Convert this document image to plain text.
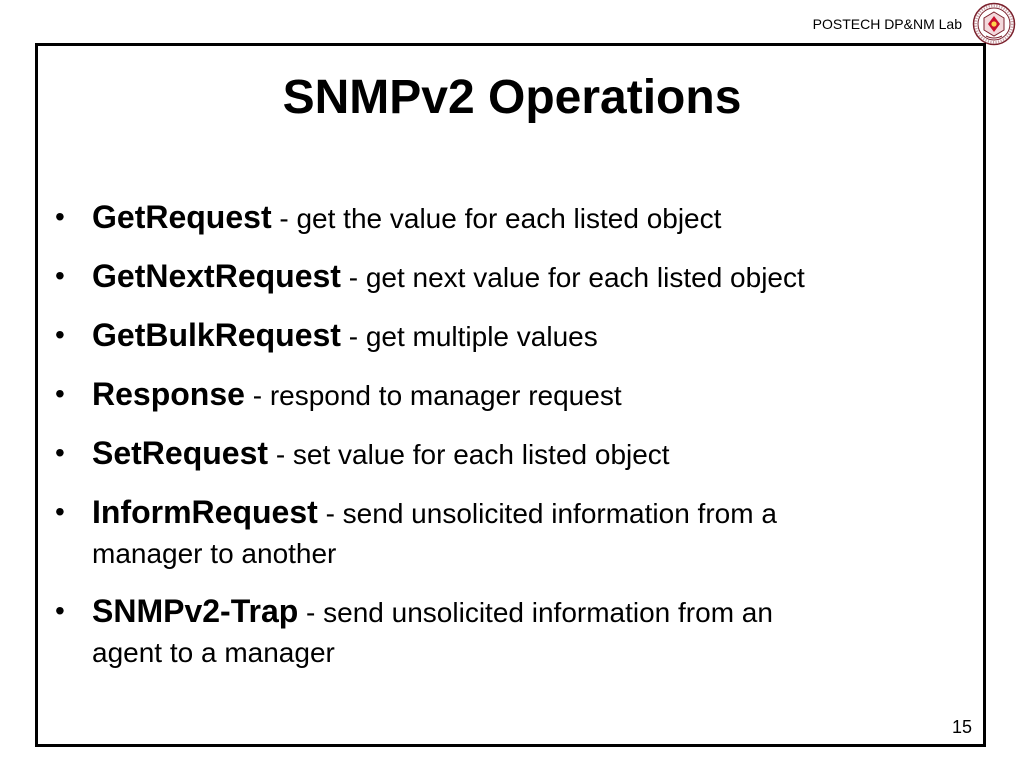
POSTECH DP&NM Lab
SNMPv2 Operations
• GetRequest - get the value for each listed object
• GetNextRequest - get next value for each listed object
• GetBulkRequest - get multiple values
• Response - respond to manager request
• SetRequest - set value for each listed object
• InformRequest - send unsolicited information from a
manager to another
• SNMPv2-Trap - send unsolicited information from an
agent to a manager
15
